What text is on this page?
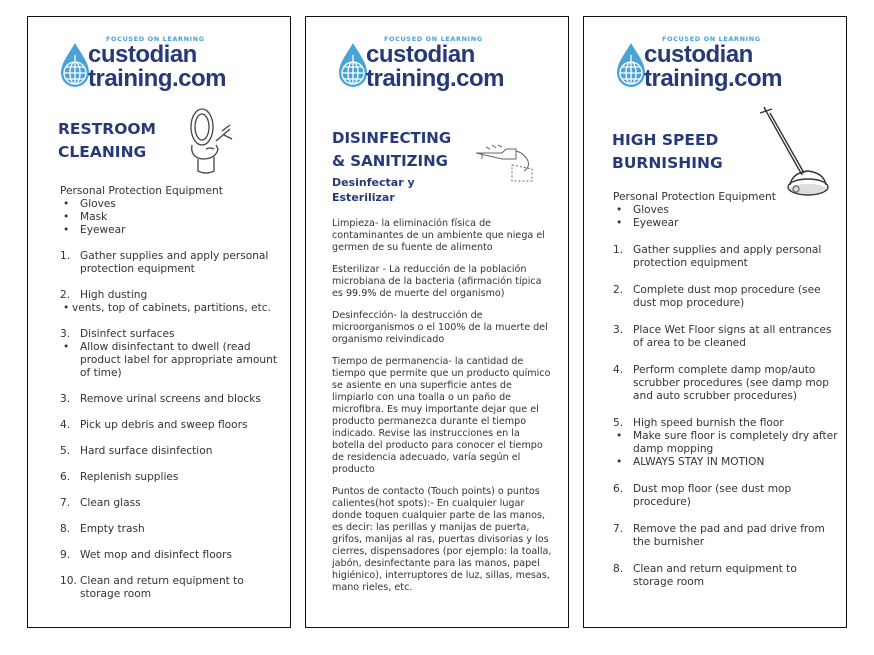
FOCUSED ON LEARNING
custodian
training.com
RESTROOM
CLEANING
Personal Protection Equipment
• Gloves
• Mask
• Eyewear
1. Gather supplies and apply personal protection equipment
2. High dusting
• vents, top of cabinets, partitions, etc.
3. Disinfect surfaces
• Allow disinfectant to dwell (read product label for appropriate amount of time)
3. Remove urinal screens and blocks
4. Pick up debris and sweep floors
5. Hard surface disinfection
6. Replenish supplies
7. Clean glass
8. Empty trash
9. Wet mop and disinfect floors
10. Clean and return equipment to storage room
FOCUSED ON LEARNING
custodian
training.com
DISINFECTING
& SANITIZING
Desinfectar y
Esterilizar

Limpieza- la eliminación física de contaminantes de un ambiente que niega el germen de su fuente de alimento

Esterilizar - La reducción de la población microbiana de la bacteria (afirmación típica es 99.9% de muerte del organismo)

Desinfección- la destrucción de microorganismos o el 100% de la muerte del organismo reivindicado

Tiempo de permanencia- la cantidad de tiempo que permite que un producto químico se asiente en una superficie antes de limpiarlo con una toalla o un paño de microfibra. Es muy importante dejar que el producto permanezca durante el tiempo indicado. Revise las instrucciones en la botella del producto para conocer el tiempo de residencia adecuado, varía según el producto

Puntos de contacto (Touch points) o puntos calientes(hot spots):- En cualquier lugar donde toquen cualquier parte de las manos, es decir: las perillas y manijas de puerta, grifos, manijas al ras, puertas divisorias y los cierres, dispensadores (por ejemplo: la toalla, jabón, desinfectante para las manos, papel higiénico), interruptores de luz, sillas, mesas, mano rieles, etc.

FOCUSED ON LEARNING
custodian
training.com
HIGH SPEED
BURNISHING
Personal Protection Equipment
• Gloves
• Eyewear
1. Gather supplies and apply personal protection equipment
2. Complete dust mop procedure (see dust mop procedure)
3. Place Wet Floor signs at all entrances of area to be cleaned
4. Perform complete damp mop/auto scrubber procedures (see damp mop and auto scrubber procedures)
5. High speed burnish the floor
• Make sure floor is completely dry after damp mopping
• ALWAYS STAY IN MOTION
6. Dust mop floor (see dust mop procedure)
7. Remove the pad and pad drive from the burnisher
8. Clean and return equipment to storage room
